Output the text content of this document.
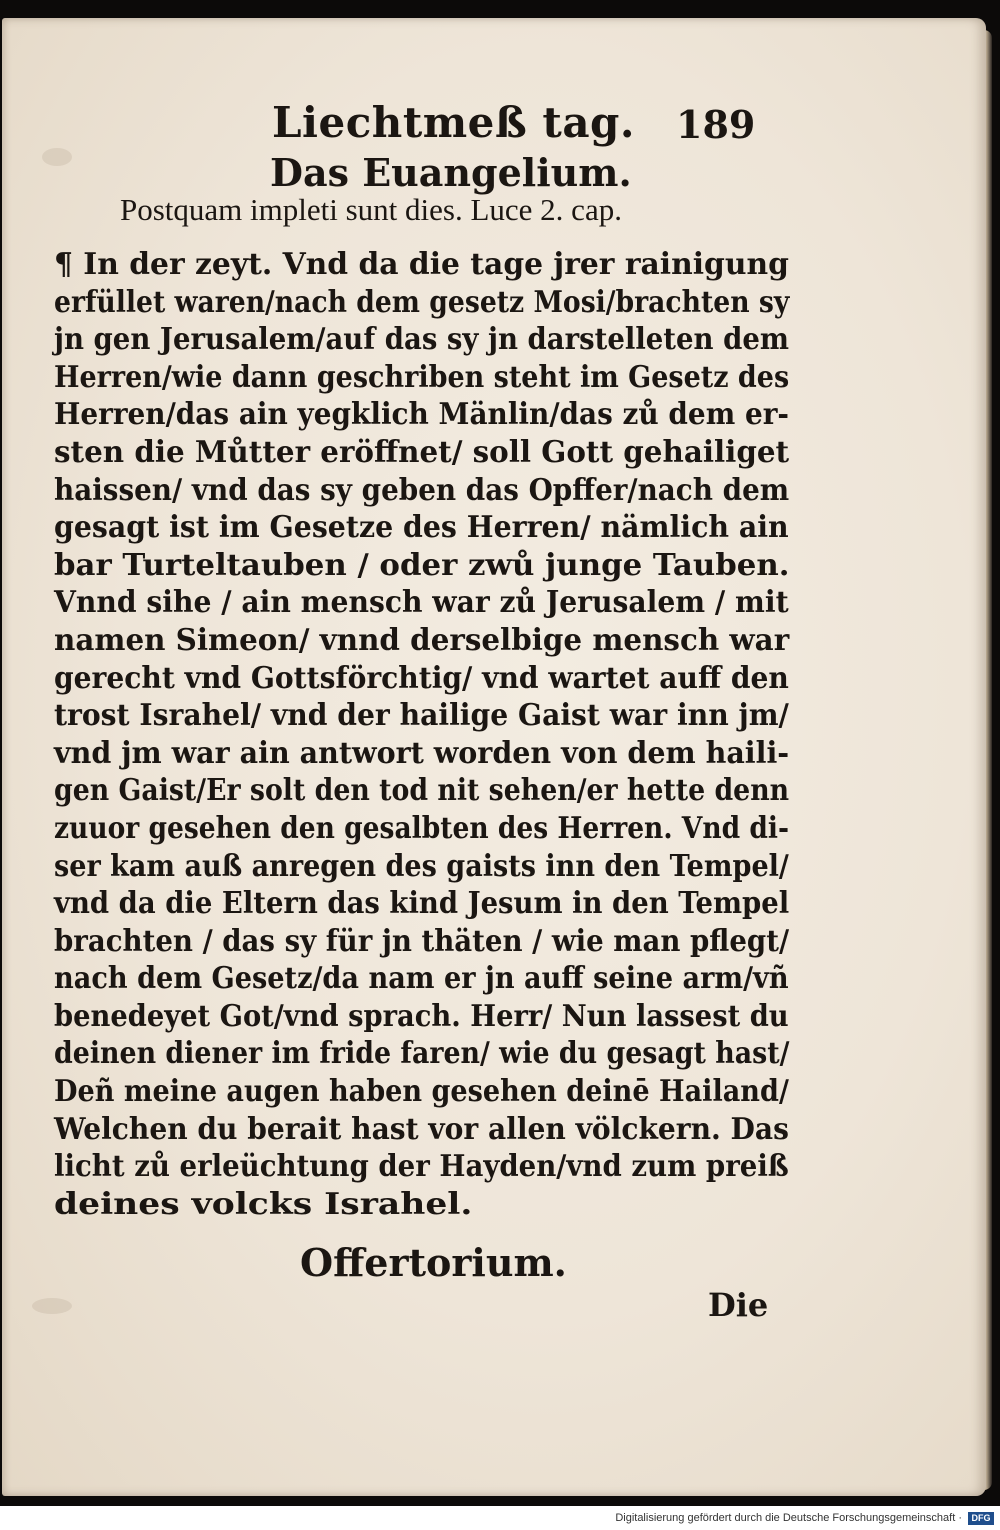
Liechtmeß tag. 189
Das Euangelium.
Postquam impleti sunt dies. Luce 2. cap.
¶ In der zeyt. Vnd da die tage jrer rainigung
erfüllet waren/nach dem gesetz Mosi/brachten sy
jn gen Jerusalem/auf das sy jn darstelleten dem
Herren/wie dann geschriben steht im Gesetz des
Herren/das ain yegklich Mänlin/das zů dem er-
sten die Můtter eröffnet/ soll Gott gehailiget
haissen/ vnd das sy geben das Opffer/nach dem
gesagt ist im Gesetze des Herren/ nämlich ain
bar Turteltauben / oder zwů junge Tauben.
Vnnd sihe / ain mensch war zů Jerusalem / mit
namen Simeon/ vnnd derselbige mensch war
gerecht vnd Gottsförchtig/ vnd wartet auff den
trost Israhel/ vnd der hailige Gaist war inn jm/
vnd jm war ain antwort worden von dem haili-
gen Gaist/Er solt den tod nit sehen/er hette denn
zuuor gesehen den gesalbten des Herren. Vnd di-
ser kam auß anregen des gaists inn den Tempel/
vnd da die Eltern das kind Jesum in den Tempel
brachten / das sy für jn thäten / wie man pflegt/
nach dem Gesetz/da nam er jn auff seine arm/vñ
benedeyet Got/vnd sprach. Herr/ Nun lassest du
deinen diener im fride faren/ wie du gesagt hast/
Deñ meine augen haben gesehen deinē Hailand/
Welchen du berait hast vor allen völckern. Das
licht zů erleüchtung der Hayden/vnd zum preiß
deines volcks Israhel.
Offertorium.
Die
Digitalisierung gefördert durch die Deutsche Forschungsgemeinschaft ·	DFG
